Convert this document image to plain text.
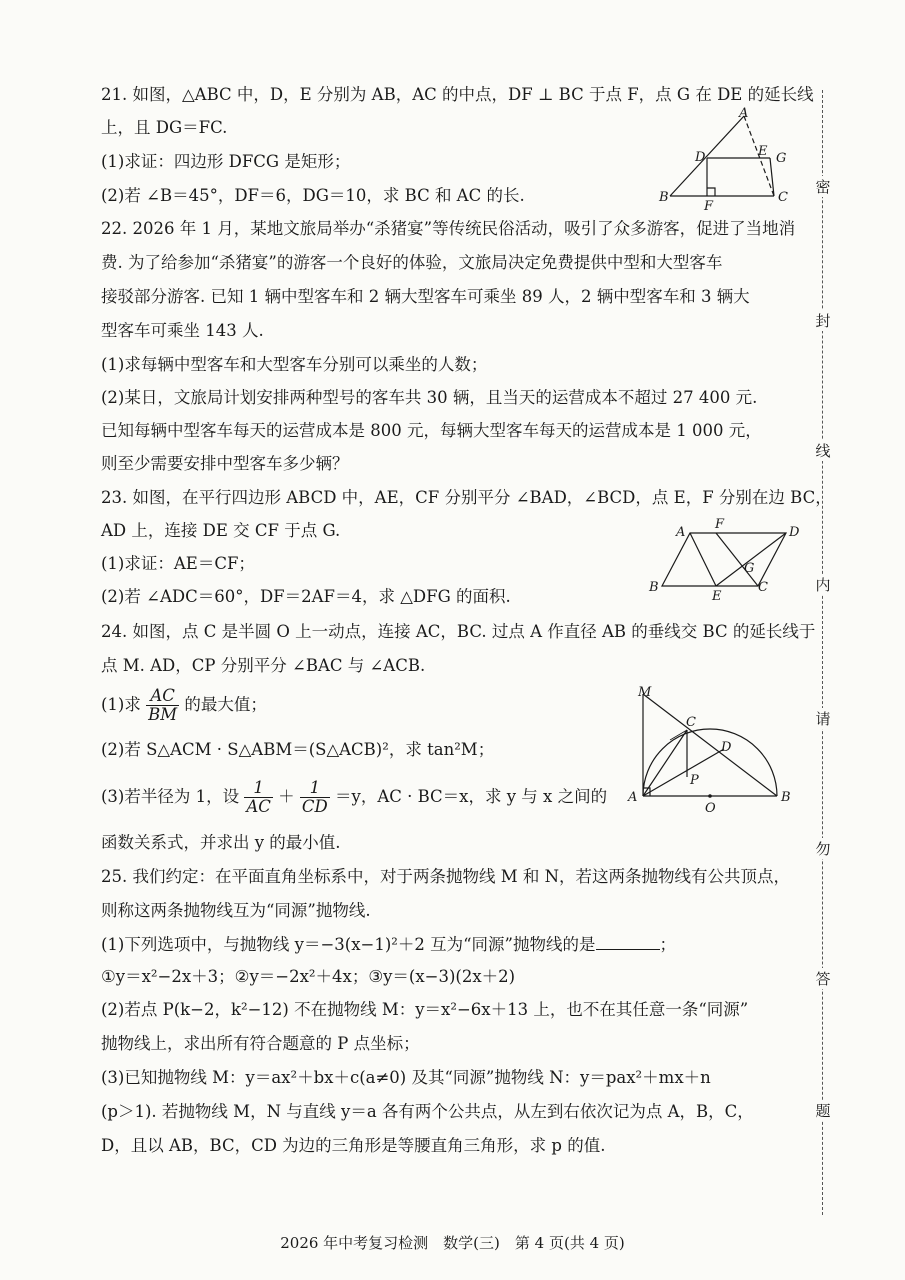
21. 如图，△ABC 中，D，E 分别为 AB，AC 的中点，DF ⊥ BC 于点 F，点 G 在 DE 的延长线
上，且 DG＝FC.
(1)求证：四边形 DFCG 是矩形；
(2)若 ∠B＝45°，DF＝6，DG＝10，求 BC 和 AC 的长.
A
B	C
D	E
F
G
22. 2026 年 1 月，某地文旅局举办“杀猪宴”等传统民俗活动，吸引了众多游客，促进了当地消
费. 为了给参加“杀猪宴”的游客一个良好的体验，文旅局决定免费提供中型和大型客车
接驳部分游客. 已知 1 辆中型客车和 2 辆大型客车可乘坐 89 人，2 辆中型客车和 3 辆大
型客车可乘坐 143 人.
(1)求每辆中型客车和大型客车分别可以乘坐的人数；
(2)某日，文旅局计划安排两种型号的客车共 30 辆，且当天的运营成本不超过 27 400 元.
已知每辆中型客车每天的运营成本是 800 元，每辆大型客车每天的运营成本是 1 000 元，
则至少需要安排中型客车多少辆？
23. 如图，在平行四边形 ABCD 中，AE，CF 分别平分 ∠BAD，∠BCD，点 E，F 分别在边 BC，
AD 上，连接 DE 交 CF 于点 G.
(1)求证：AE＝CF；
(2)若 ∠ADC＝60°，DF＝2AF＝4，求 △DFG 的面积.
A
F
D
B
E
G
C
24. 如图，点 C 是半圆 O 上一动点，连接 AC，BC. 过点 A 作直径 AB 的垂线交 BC 的延长线于
点 M. AD，CP 分别平分 ∠BAC 与 ∠ACB.
(1)求 $\frac{AC}{BM}$ 的最大值；
(2)若 S△ACM · S△ABM＝(S△ACB)²，求 tan²M；
(3)若半径为 1，设 $\frac{1}{AC} + \frac{1}{CD} =y$，AC · BC＝x，求 y 与 x 之间的
函数关系式，并求出 y 的最小值.
M
C
D
P
A
O
B
25. 我们约定：在平面直角坐标系中，对于两条抛物线 M 和 N，若这两条抛物线有公共顶点，
则称这两条抛物线互为“同源”抛物线.
(1)下列选项中，与抛物线 y＝−3(x−1)²＋2 互为“同源”抛物线的是	；
①y＝x²−2x＋3；②y＝−2x²＋4x；③y＝(x−3)(2x＋2)
(2)若点 P(k−2，k²−12) 不在抛物线 M：y＝x²−6x＋13 上，也不在其任意一条“同源”
抛物线上，求出所有符合题意的 P 点坐标；
(3)已知抛物线 M：y＝ax²＋bx＋c(a≠0) 及其“同源”抛物线 N：y＝pax²＋mx＋n
(p＞1). 若抛物线 M，N 与直线 y＝a 各有两个公共点，从左到右依次记为点 A，B，C，
D，且以 AB，BC，CD 为边的三角形是等腰直角三角形，求 p 的值.
密
封
线
内
请
勿
答
题
2026 年中考复习检测　数学(三)　第 4 页(共 4 页)
